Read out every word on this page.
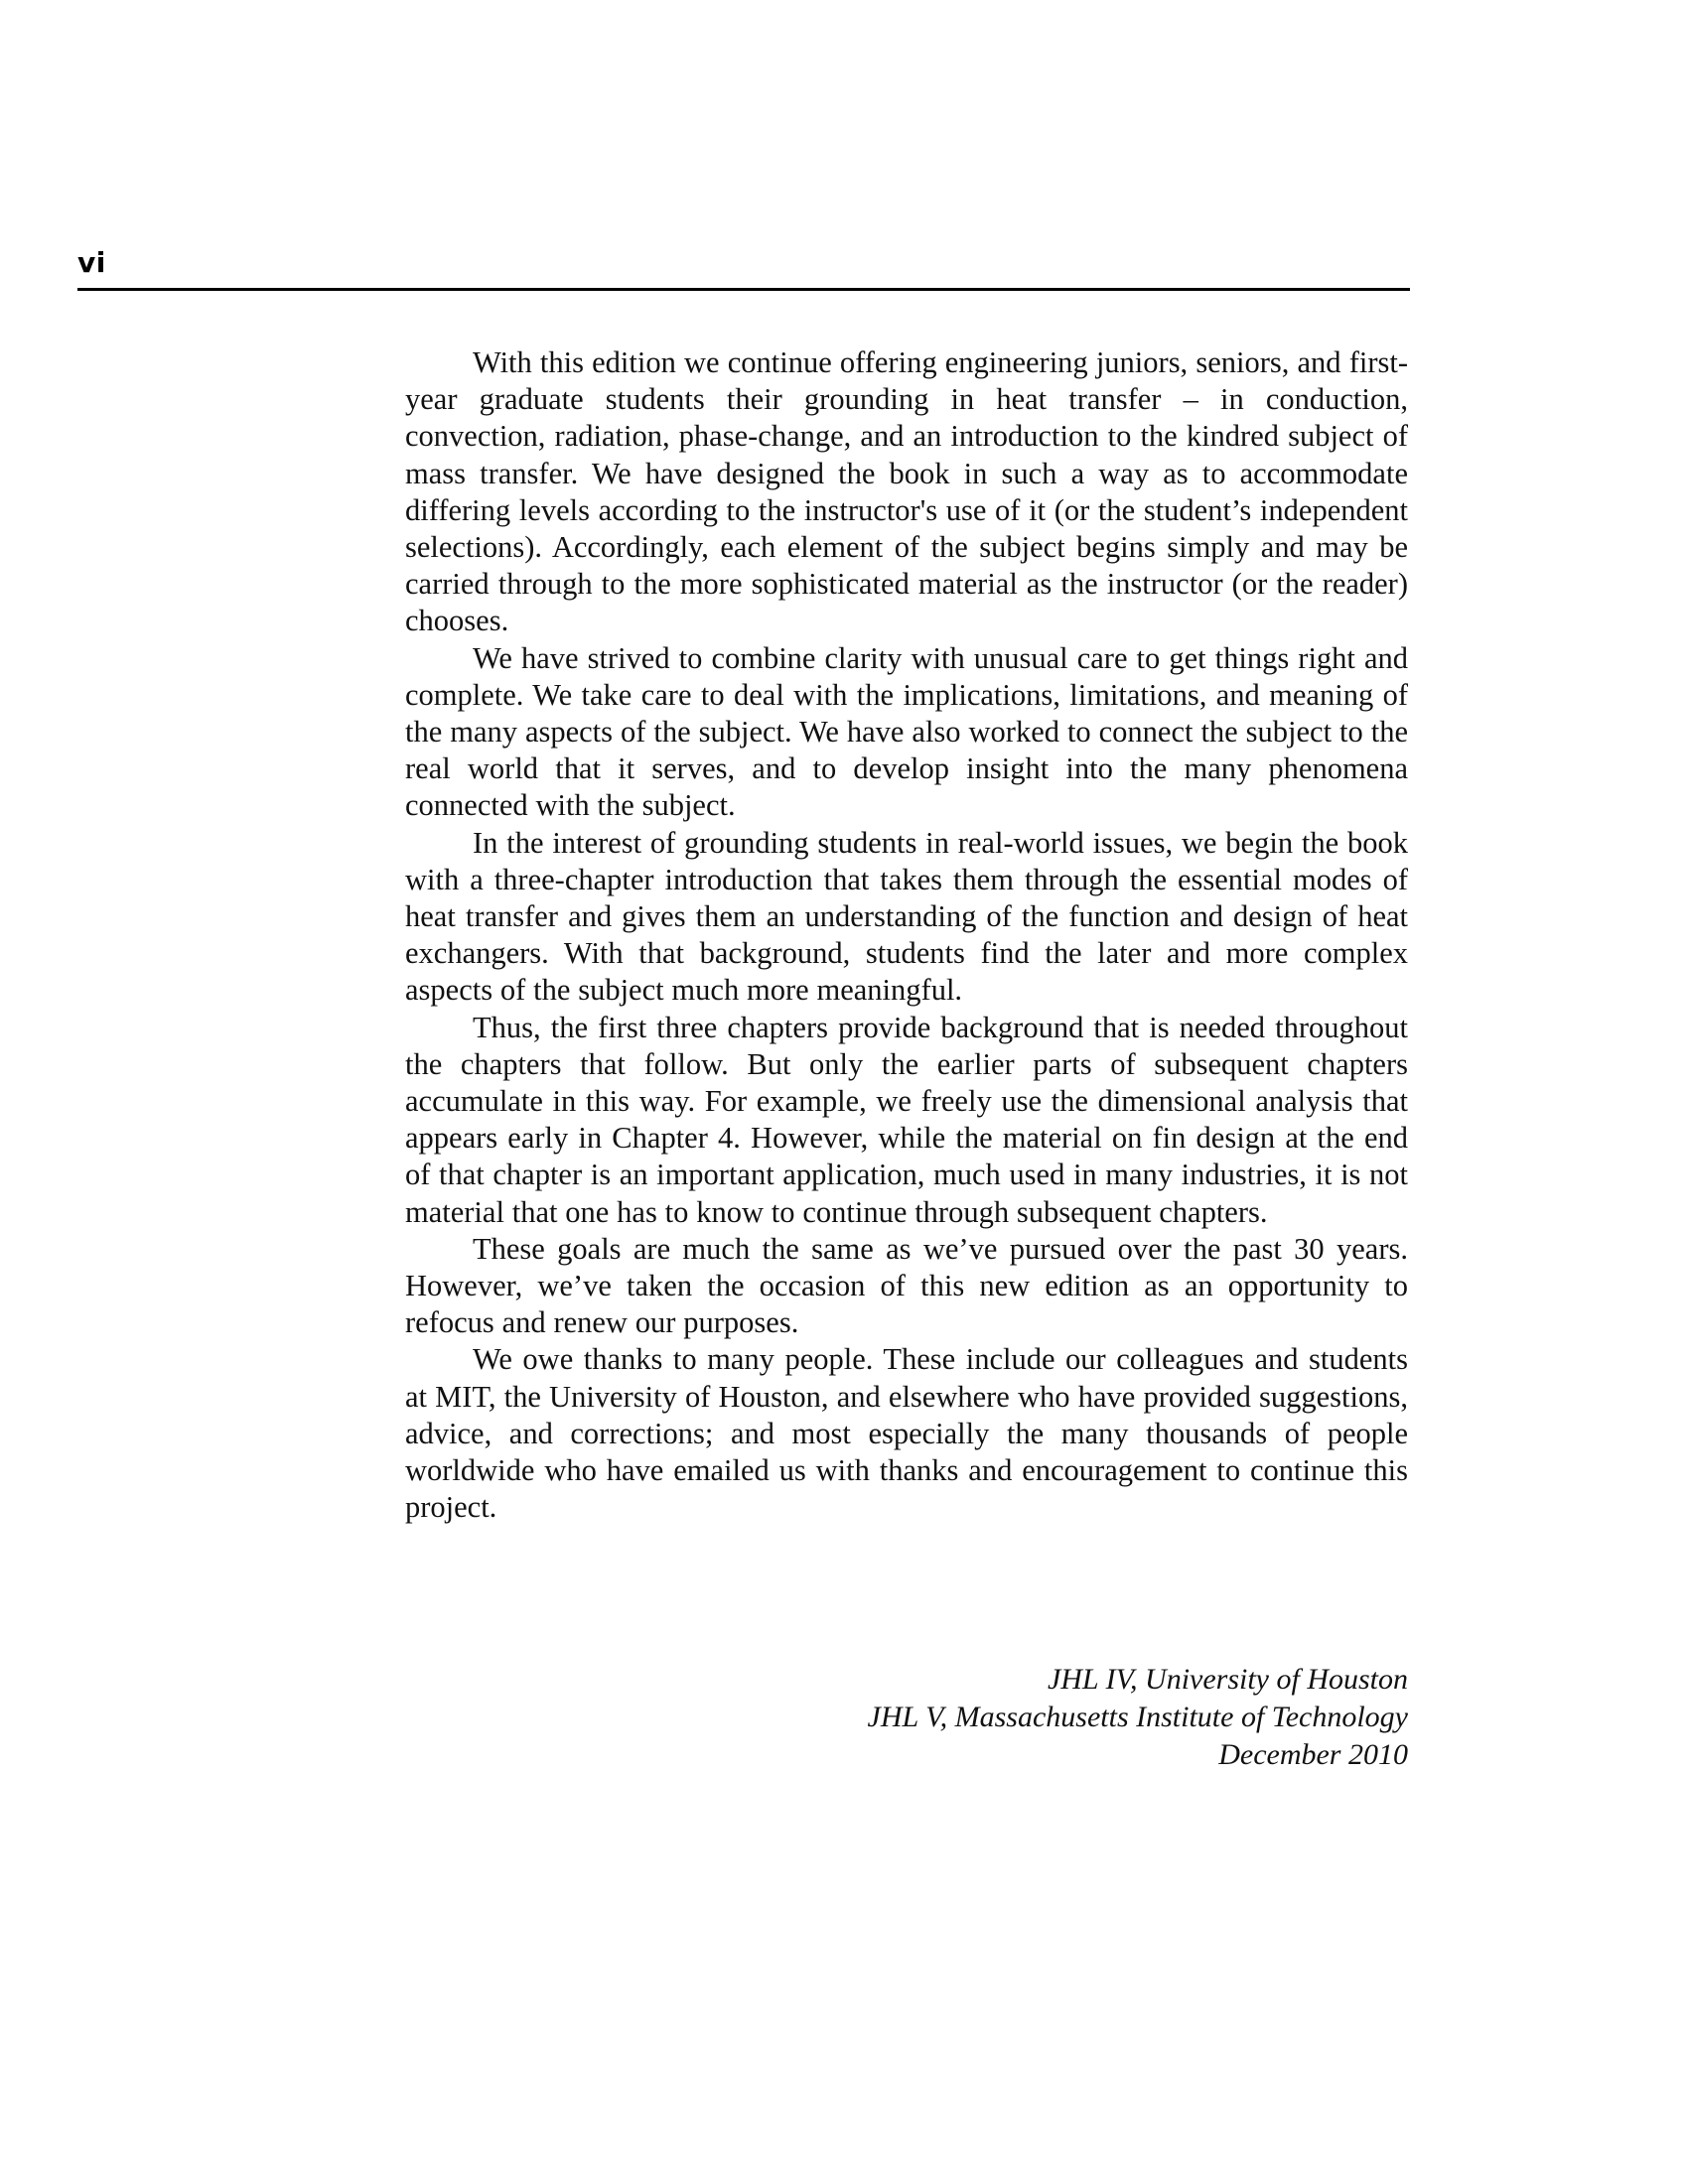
vi

With this edition we continue offering engineering juniors, seniors, and first-year graduate students their grounding in heat transfer – in conduction, convection, radiation, phase-change, and an introduction to the kindred subject of mass transfer. We have designed the book in such a way as to accommodate differing levels according to the instructor's use of it (or the student’s independent selections). Accordingly, each element of the subject begins simply and may be carried through to the more sophisticated material as the instructor (or the reader) chooses.

We have strived to combine clarity with unusual care to get things right and complete. We take care to deal with the implications, limitations, and meaning of the many aspects of the subject. We have also worked to connect the subject to the real world that it serves, and to develop insight into the many phenomena connected with the subject.

In the interest of grounding students in real-world issues, we begin the book with a three-chapter introduction that takes them through the essential modes of heat transfer and gives them an understanding of the function and design of heat exchangers. With that background, students find the later and more complex aspects of the subject much more meaningful.

Thus, the first three chapters provide background that is needed throughout the chapters that follow. But only the earlier parts of subsequent chapters accumulate in this way. For example, we freely use the dimensional analysis that appears early in Chapter 4. However, while the material on fin design at the end of that chapter is an important application, much used in many industries, it is not material that one has to know to continue through subsequent chapters.

These goals are much the same as we’ve pursued over the past 30 years. However, we’ve taken the occasion of this new edition as an opportunity to refocus and renew our purposes.

We owe thanks to many people. These include our colleagues and students at MIT, the University of Houston, and elsewhere who have provided suggestions, advice, and corrections; and most especially the many thousands of people worldwide who have emailed us with thanks and encouragement to continue this project.

JHL IV, University of Houston
JHL V, Massachusetts Institute of Technology
December 2010
